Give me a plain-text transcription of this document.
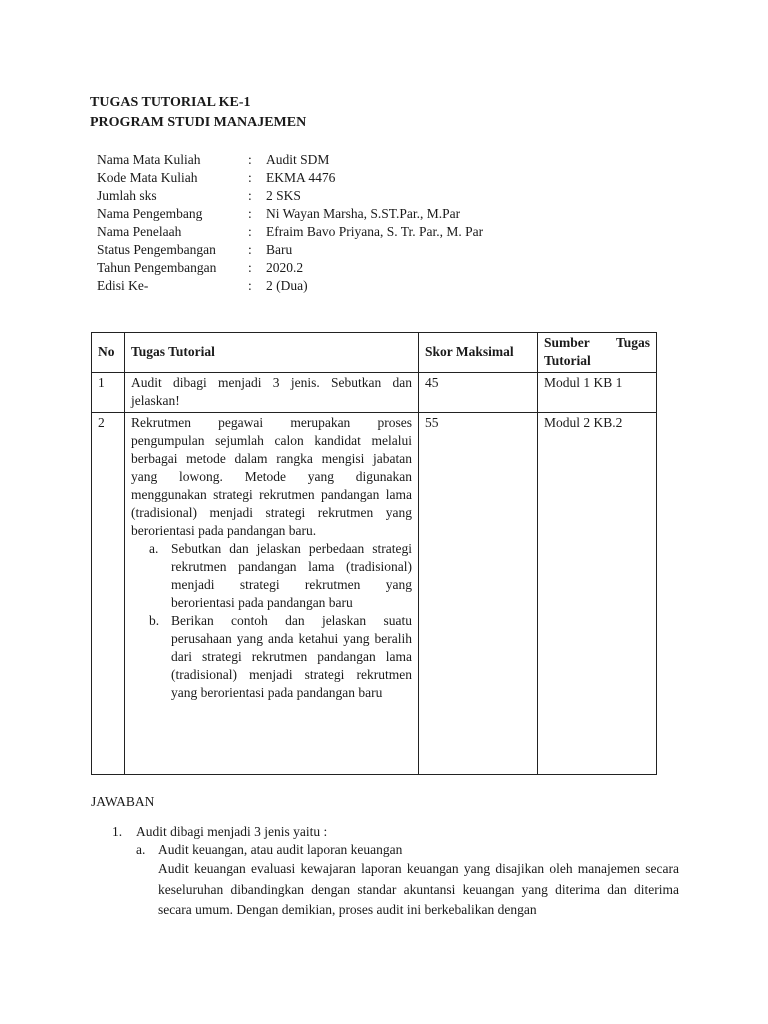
TUGAS TUTORIAL KE-1
PROGRAM STUDI MANAJEMEN
Nama Mata Kuliah	: Audit SDM
Kode Mata Kuliah	: EKMA 4476
Jumlah sks	: 2 SKS
Nama Pengembang	: Ni Wayan Marsha, S.ST.Par., M.Par
Nama Penelaah	: Efraim Bavo Priyana, S. Tr. Par., M. Par
Status Pengembangan : Baru
Tahun Pengembangan : 2020.2
Edisi Ke-	: 2 (Dua)
No	Tugas Tutorial	Skor Maksimal	Sumber Tugas
Tutorial

1	Audit dibagi menjadi 3 jenis. Sebutkan dan jelaskan!	45	Modul 1 KB 1
2	Rekrutmen pegawai merupakan proses pengumpulan sejumlah calon kandidat melalui berbagai metode dalam rangka mengisi jabatan yang lowong. Metode yang digunakan menggunakan strategi rekrutmen pandangan lama (tradisional) menjadi strategi rekrutmen yang berorientasi pada pandangan baru.
a. Sebutkan dan jelaskan perbedaan strategi rekrutmen pandangan lama (tradisional) menjadi strategi rekrutmen yang berorientasi pada pandangan baru
b. Berikan contoh dan jelaskan suatu perusahaan yang anda ketahui yang beralih dari strategi rekrutmen pandangan lama (tradisional) menjadi strategi rekrutmen yang berorientasi pada pandangan baru	55	Modul 2 KB.2
JAWABAN
1. Audit dibagi menjadi 3 jenis yaitu :
a. Audit keuangan, atau audit laporan keuangan
Audit keuangan evaluasi kewajaran laporan keuangan yang disajikan oleh manajemen secara keseluruhan dibandingkan dengan standar akuntansi keuangan yang diterima dan diterima secara umum. Dengan demikian, proses audit ini berkebalikan dengan
